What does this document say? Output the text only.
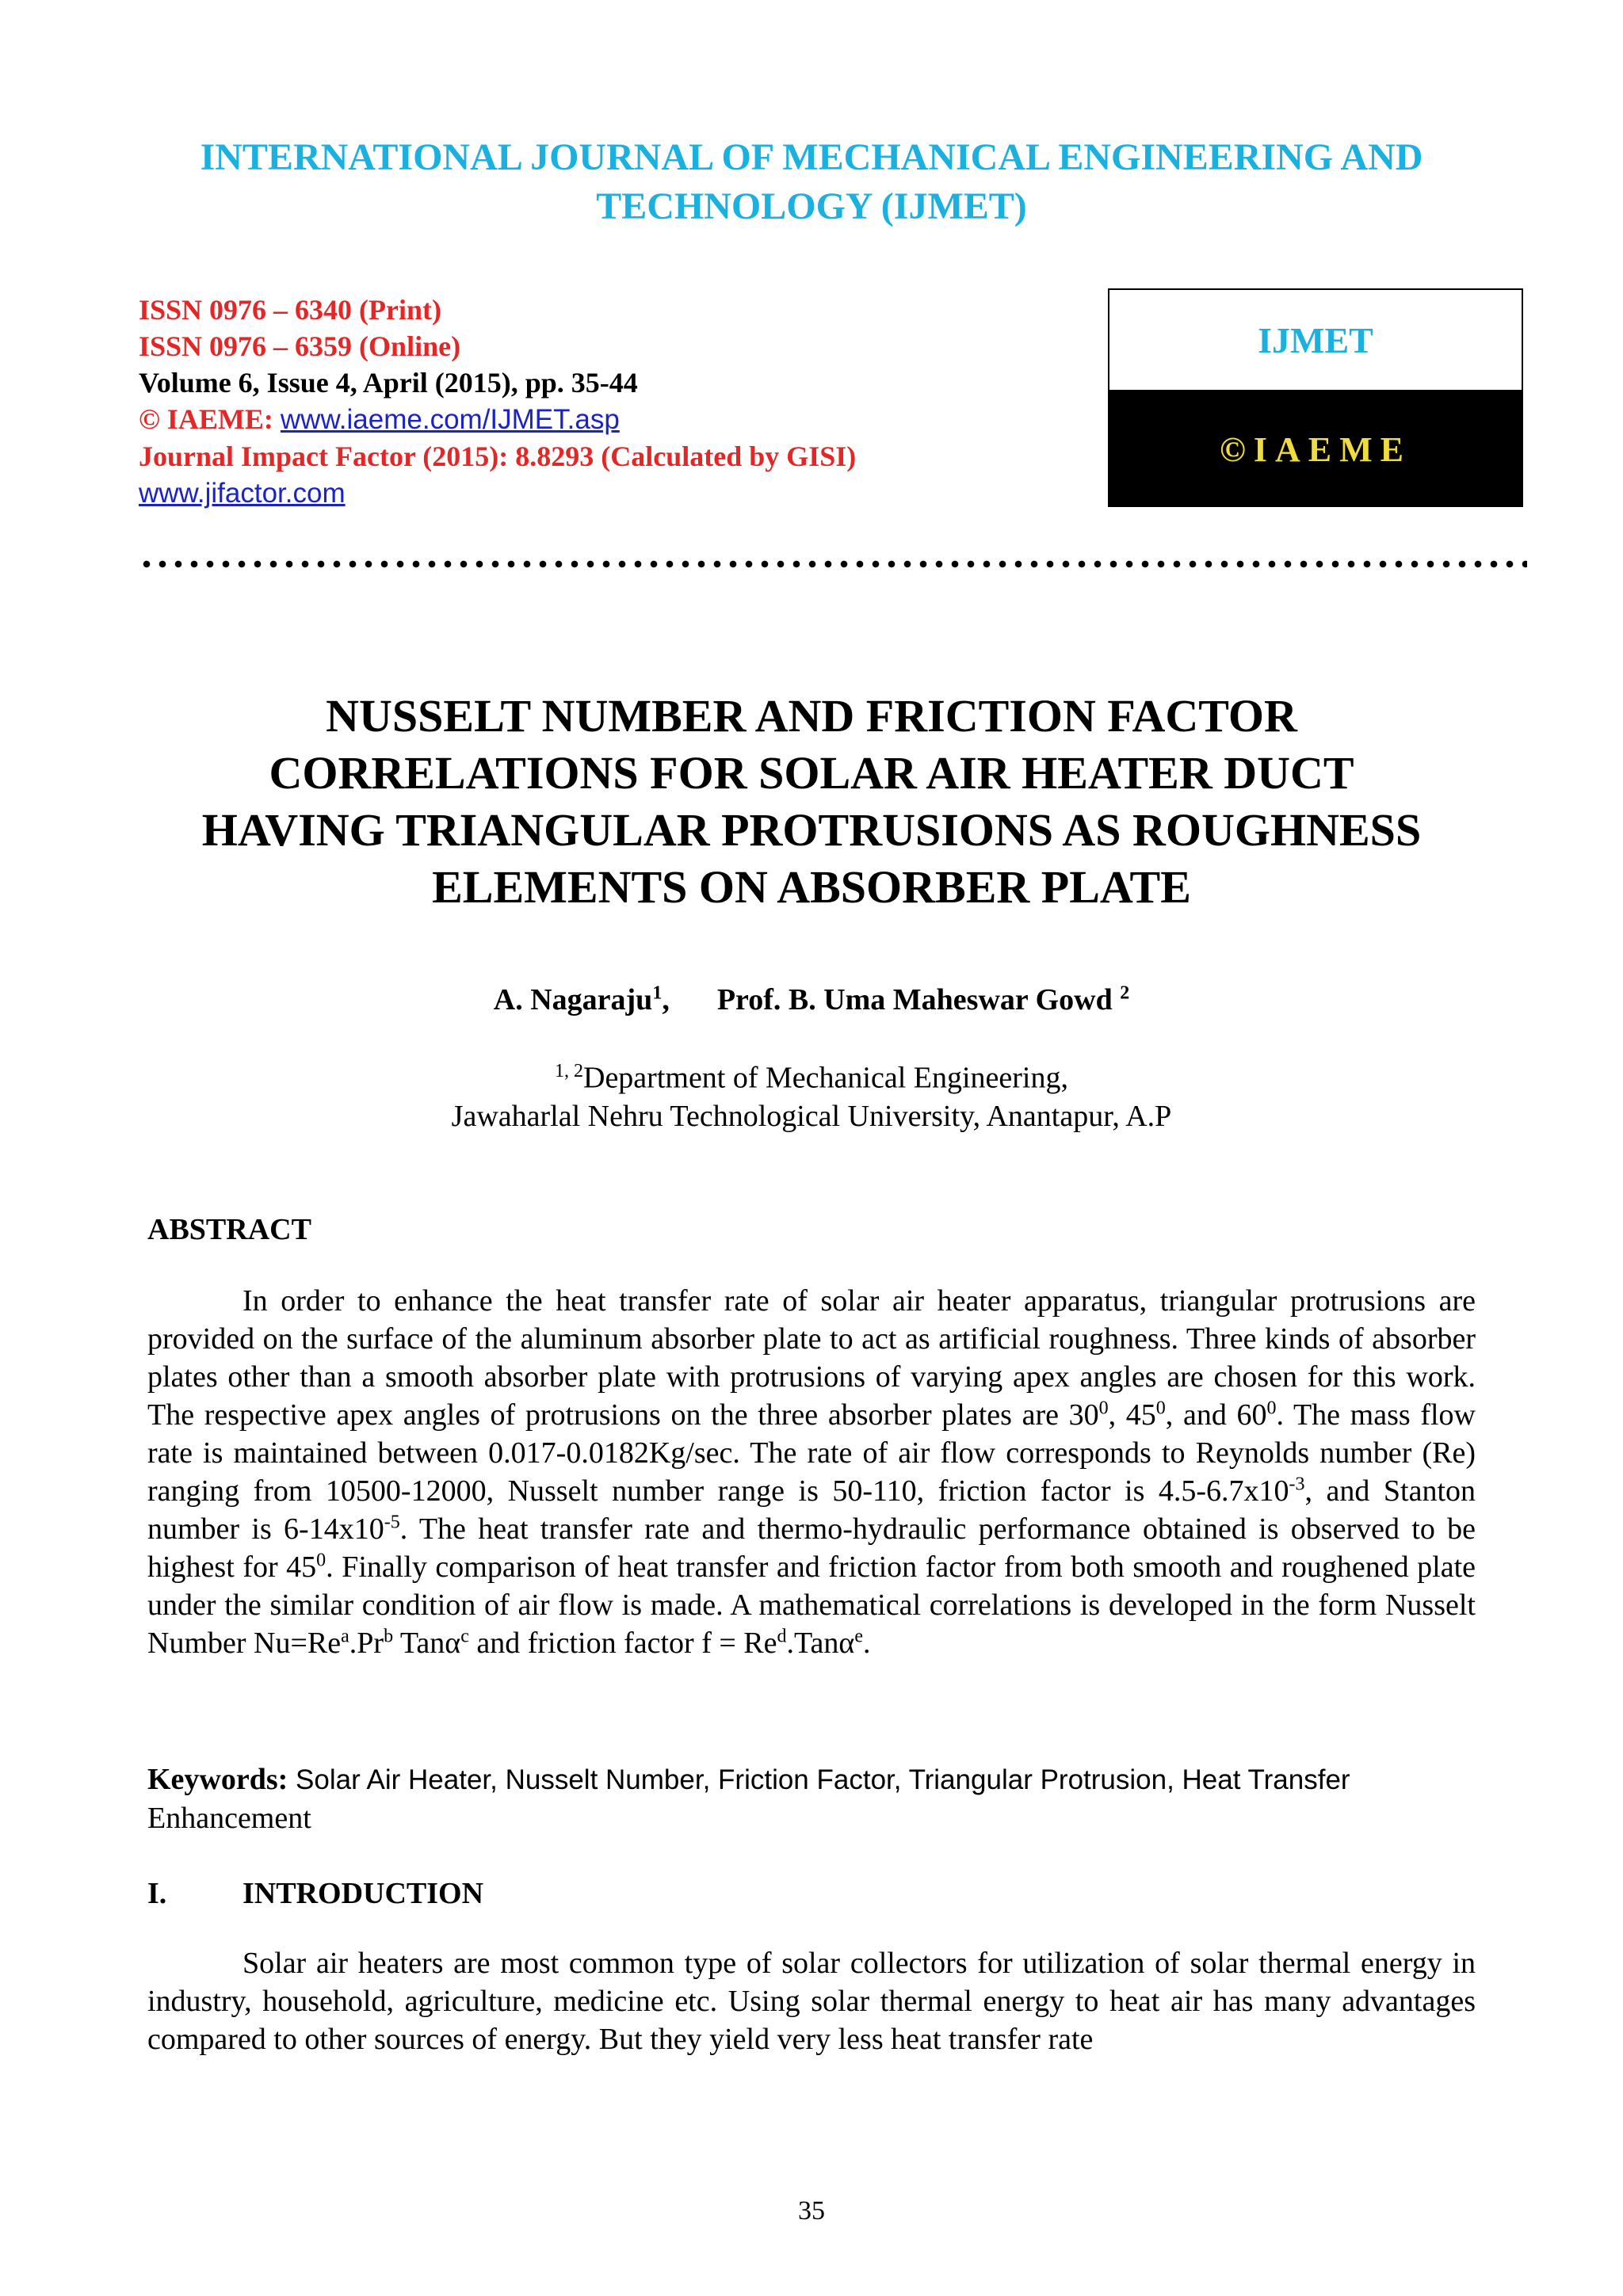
INTERNATIONAL JOURNAL OF MECHANICAL ENGINEERING AND
TECHNOLOGY (IJMET)
ISSN 0976 – 6340 (Print)
ISSN 0976 – 6359 (Online)
Volume 6, Issue 4, April (2015), pp. 35-44
© IAEME: www.iaeme.com/IJMET.asp
Journal Impact Factor (2015): 8.8293 (Calculated by GISI)
www.jifactor.com
IJMET
©IAEME
NUSSELT NUMBER AND FRICTION FACTOR
CORRELATIONS FOR SOLAR AIR HEATER DUCT
HAVING TRIANGULAR PROTRUSIONS AS ROUGHNESS
ELEMENTS ON ABSORBER PLATE
A. Nagaraju$^1$, Prof. B. Uma Maheswar Gowd $^2$
$^{1, 2}$Department of Mechanical Engineering,
Jawaharlal Nehru Technological University, Anantapur, A.P
ABSTRACT

In order to enhance the heat transfer rate of solar air heater apparatus, triangular protrusions are provided on the surface of the aluminum absorber plate to act as artificial roughness. Three kinds of absorber plates other than a smooth absorber plate with protrusions of varying apex angles are chosen for this work. The respective apex angles of protrusions on the three absorber plates are $30^0$, $45^0$, and $60^0$. The mass flow rate is maintained between 0.017-0.0182Kg/sec. The rate of air flow corresponds to Reynolds number (Re) ranging from 10500-12000, Nusselt number range is 50-110, friction factor is $4.5-6.7x10^{-3}$, and Stanton number is $6-14x10^{-5}$. The heat transfer rate and thermo-hydraulic performance obtained is observed to be highest for $45^0$. Finally comparison of heat transfer and friction factor from both smooth and roughened plate under the similar condition of air flow is made. A mathematical correlations is developed in the form Nusselt Number $Nu=Re^a.Pr^b$ Tanα$^c$ and friction factor $f = Re^d.Tan\alpha^e$.

Keywords: Solar Air Heater, Nusselt Number, Friction Factor, Triangular Protrusion, Heat Transfer
Enhancement

I.	INTRODUCTION

Solar air heaters are most common type of solar collectors for utilization of solar thermal energy in industry, household, agriculture, medicine etc. Using solar thermal energy to heat air has many advantages compared to other sources of energy. But they yield very less heat transfer rate

35
